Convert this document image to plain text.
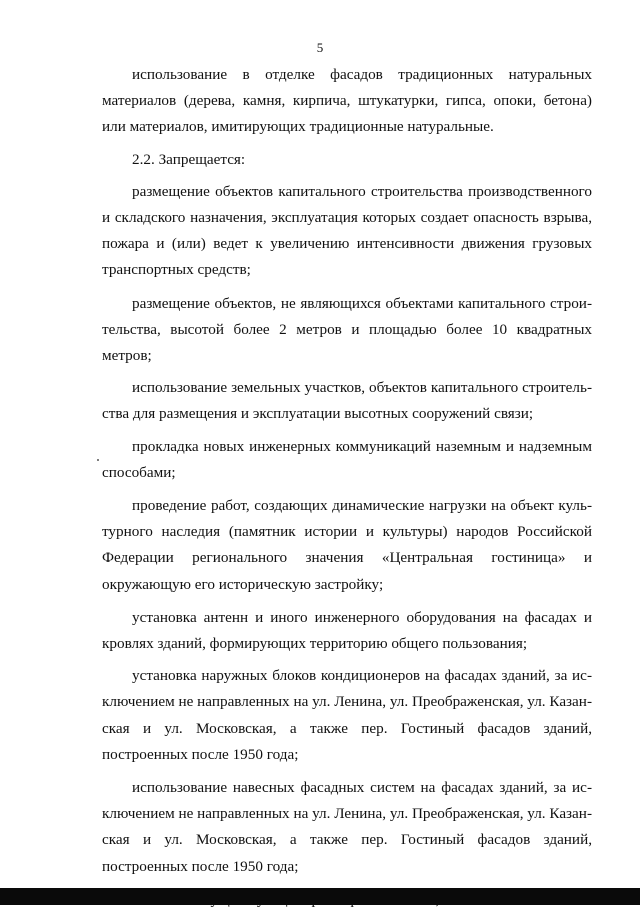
5

использование в отделке фасадов традиционных натуральных материалов (дерева, камня, кирпича, штукатурки, гипса, опоки, бетона) или материалов, имитирующих традиционные натуральные.

2.2. Запрещается:

размещение объектов капитального строительства производственного и складского назначения, эксплуатация которых создает опасность взрыва, пожара и (или) ведет к увеличению интенсивности движения грузовых транспортных средств;

размещение объектов, не являющихся объектами капитального строительства, высотой более 2 метров и площадью более 10 квадратных метров;

использование земельных участков, объектов капитального строительства для размещения и эксплуатации высотных сооружений связи;

прокладка новых инженерных коммуникаций наземным и надземным способами;

проведение работ, создающих динамические нагрузки на объект культурного наследия (памятник истории и культуры) народов Российской Федерации регионального значения «Центральная гостиница» и окружающую его историческую застройку;

установка антенн и иного инженерного оборудования на фасадах и кровлях зданий, формирующих территорию общего пользования;

установка наружных блоков кондиционеров на фасадах зданий, за исключением не направленных на ул. Ленина, ул. Преображенская, ул. Казанская и ул. Московская, а также пер. Гостиный фасадов зданий, построенных после 1950 года;

использование навесных фасадных систем на фасадах зданий, за исключением не направленных на ул. Ленина, ул. Преображенская, ул. Казанская и ул. Московская, а также пер. Гостиный фасадов зданий, построенных после 1950 года;
